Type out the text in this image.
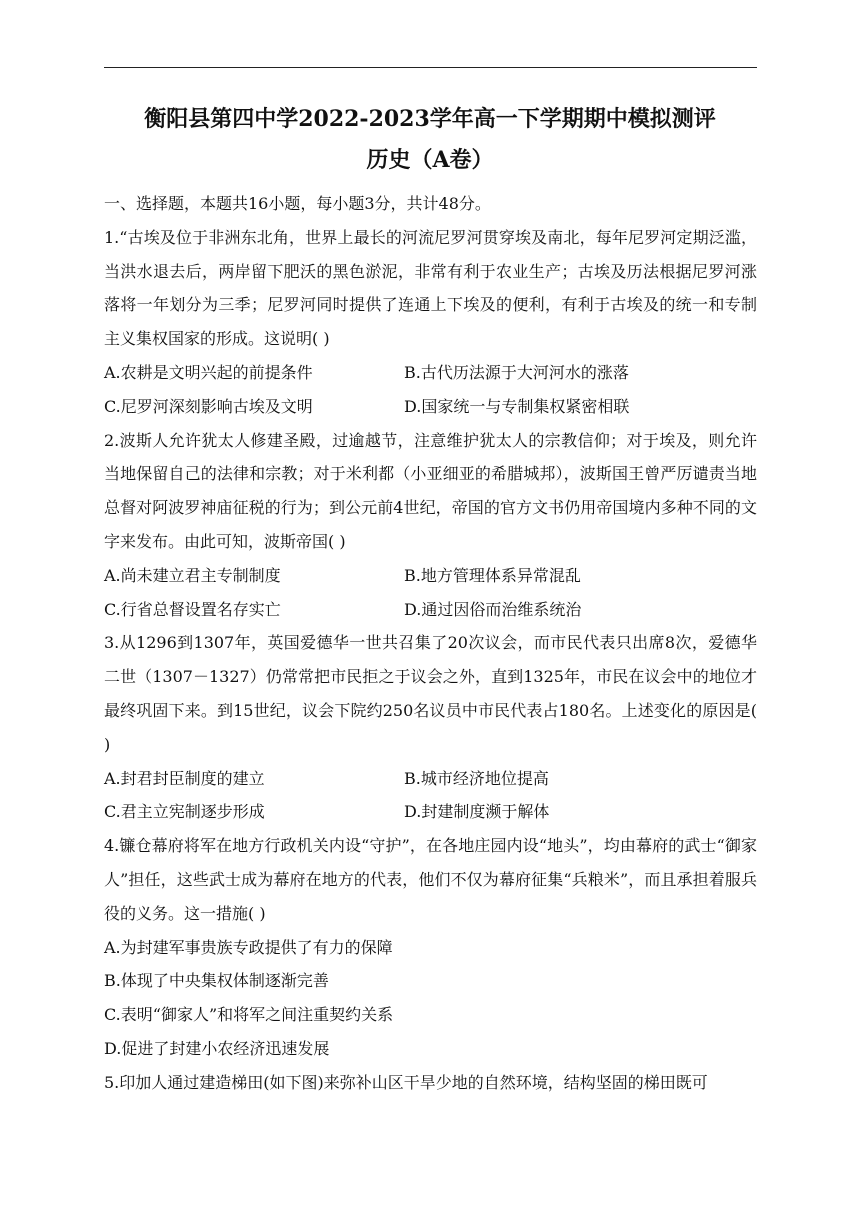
衡阳县第四中学2022-2023学年高一下学期期中模拟测评
历史（A卷）
一、选择题，本题共16小题，每小题3分，共计48分。
1.“古埃及位于非洲东北角，世界上最长的河流尼罗河贯穿埃及南北，每年尼罗河定期泛滥，当洪水退去后，两岸留下肥沃的黑色淤泥，非常有利于农业生产；古埃及历法根据尼罗河涨落将一年划分为三季；尼罗河同时提供了连通上下埃及的便利，有利于古埃及的统一和专制主义集权国家的形成。这说明( )
A.农耕是文明兴起的前提条件	B.古代历法源于大河河水的涨落
C.尼罗河深刻影响古埃及文明	D.国家统一与专制集权紧密相联
2.波斯人允许犹太人修建圣殿，过逾越节，注意维护犹太人的宗教信仰；对于埃及，则允许当地保留自己的法律和宗教；对于米利都（小亚细亚的希腊城邦），波斯国王曾严厉谴责当地总督对阿波罗神庙征税的行为；到公元前4世纪，帝国的官方文书仍用帝国境内多种不同的文字来发布。由此可知，波斯帝国( )
A.尚未建立君主专制制度	B.地方管理体系异常混乱
C.行省总督设置名存实亡	D.通过因俗而治维系统治
3.从1296到1307年，英国爱德华一世共召集了20次议会，而市民代表只出席8次，爱德华二世（1307－1327）仍常常把市民拒之于议会之外，直到1325年，市民在议会中的地位才最终巩固下来。到15世纪，议会下院约250名议员中市民代表占180名。上述变化的原因是( )
A.封君封臣制度的建立	B.城市经济地位提高
C.君主立宪制逐步形成	D.封建制度濒于解体
4.镰仓幕府将军在地方行政机关内设“守护”，在各地庄园内设“地头”，均由幕府的武士“御家人”担任，这些武士成为幕府在地方的代表，他们不仅为幕府征集“兵粮米”，而且承担着服兵役的义务。这一措施( )
A.为封建军事贵族专政提供了有力的保障
B.体现了中央集权体制逐渐完善
C.表明“御家人”和将军之间注重契约关系
D.促进了封建小农经济迅速发展
5.印加人通过建造梯田(如下图)来弥补山区干旱少地的自然环境，结构坚固的梯田既可
